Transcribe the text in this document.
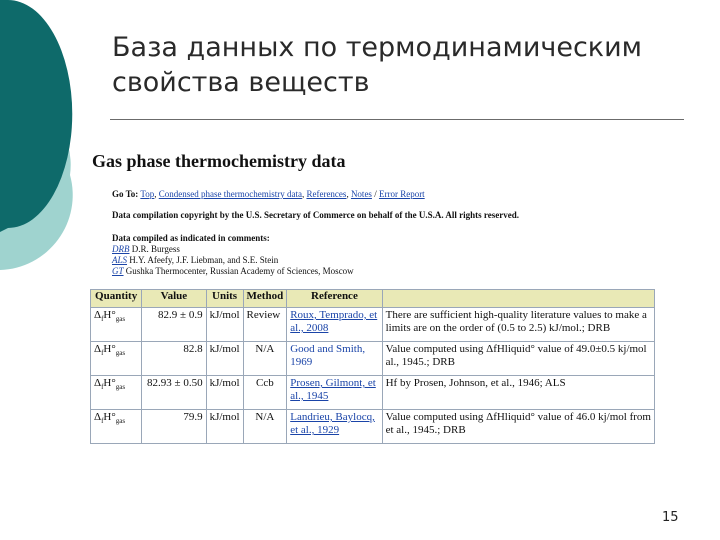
База данных по термодинамическим свойства веществ
Gas phase thermochemistry data
Go To: Top, Condensed phase thermochemistry data, References, Notes / Error Report
Data compilation copyright by the U.S. Secretary of Commerce on behalf of the U.S.A. All rights reserved.
Data compiled as indicated in comments:
DRB D.R. Burgess
ALS H.Y. Afeefy, J.F. Liebman, and S.E. Stein
GT Gushka Thermocenter, Russian Academy of Sciences, Moscow
Quantity	Value	Units	Method	Reference	Comment
$\Delta_fH^\circ_{gas}$	82.9 ± 0.9	kJ/mol	Review	Roux, Temprado, et al., 2008	There are sufficient high-quality literature values to make a
limits are on the order of (0.5 to 2.5) kJ/mol.; DRB

$\Delta_fH^\circ_{gas}$	82.8	kJ/mol	N/A	Good and Smith, 1969	Value computed using ΔfHliquid° value of 49.0±0.5 kj/mol
al., 1945.; DRB

$\Delta_fH^\circ_{gas}$	82.93 ± 0.50	kJ/mol	Ccb	Prosen, Gilmont, et al., 1945	Hf by Prosen, Johnson, et al., 1946; ALS

$\Delta_fH^\circ_{gas}$	79.9	kJ/mol	N/A	Landrieu, Baylocq, et al., 1929	Value computed using ΔfHliquid° value of 46.0 kj/mol from
et al., 1945.; DRB
15
